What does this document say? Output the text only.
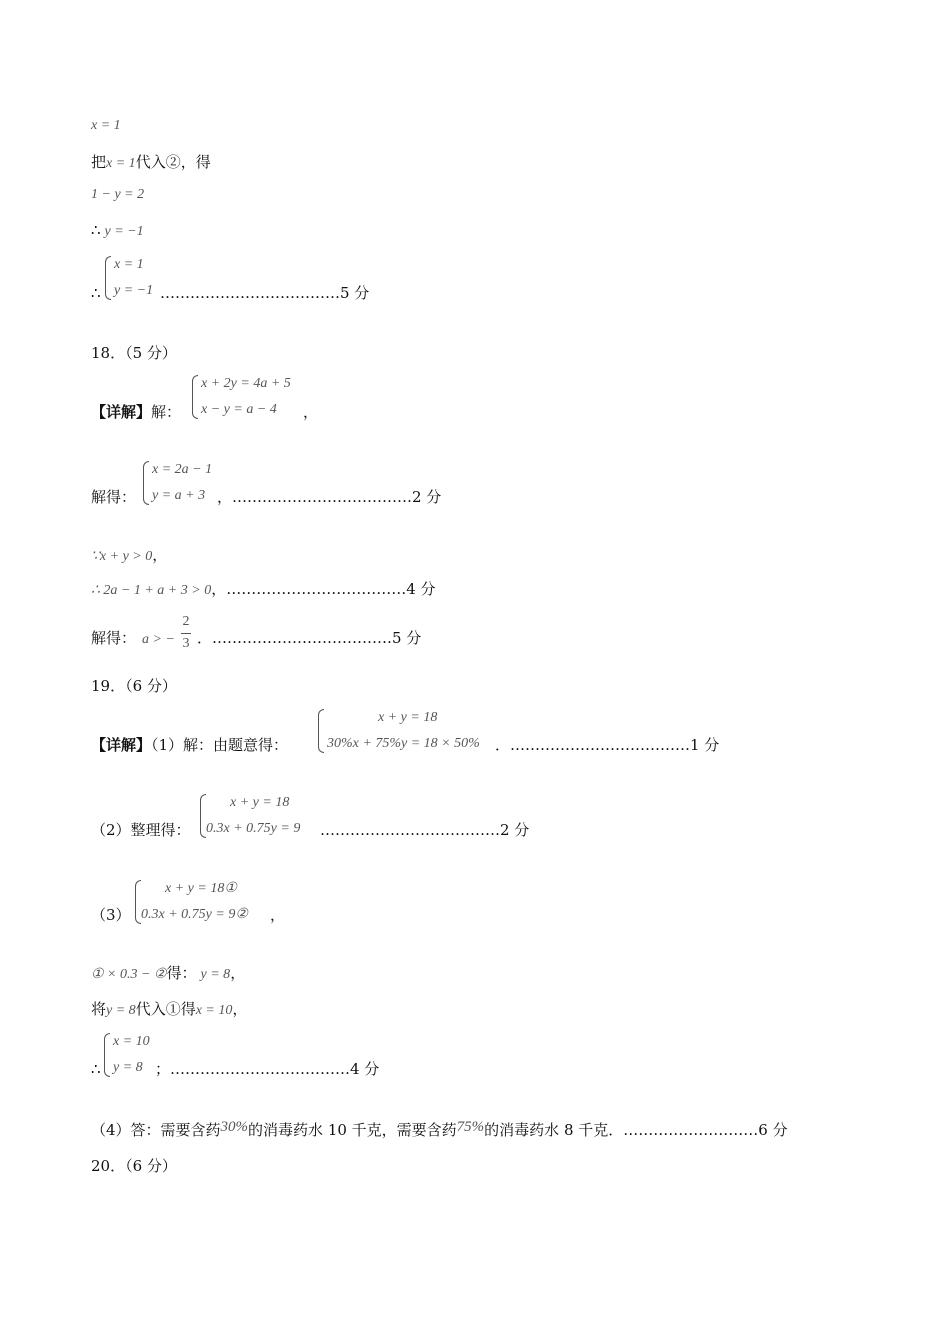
x = 1
把x = 1代入②，得
1 − y = 2
∴ y = −1
∴
x = 1
y = −1 ………………………………5 分
18．（5 分）
【详解】解：
x + 2y = 4a + 5
x − y = a − 4 ，
解得：
x = 2a − 1
y = a + 3 ，………………………………2 分
∵x + y > 0，
∴ 2a − 1 + a + 3 > 0，………………………………4 分
解得： a > −
2
3 ．………………………………5 分
19．（6 分）
【详解】（1）解：由题意得：
x + y = 18
30%x + 75%y = 18 × 50% ．………………………………1 分
（2）整理得：
x + y = 18
0.3x + 0.75y = 9 ………………………………2 分
（3）
x + y = 18①
0.3x + 0.75y = 9② ，
① × 0.3 − ②得： y = 8，
将y = 8代入①得x = 10，
∴
x = 10
y = 8 ；………………………………4 分
（4）答：需要含药30%的消毒药水 10 千克，需要含药75%的消毒药水 8 千克．………………………6 分
20．（6 分）
